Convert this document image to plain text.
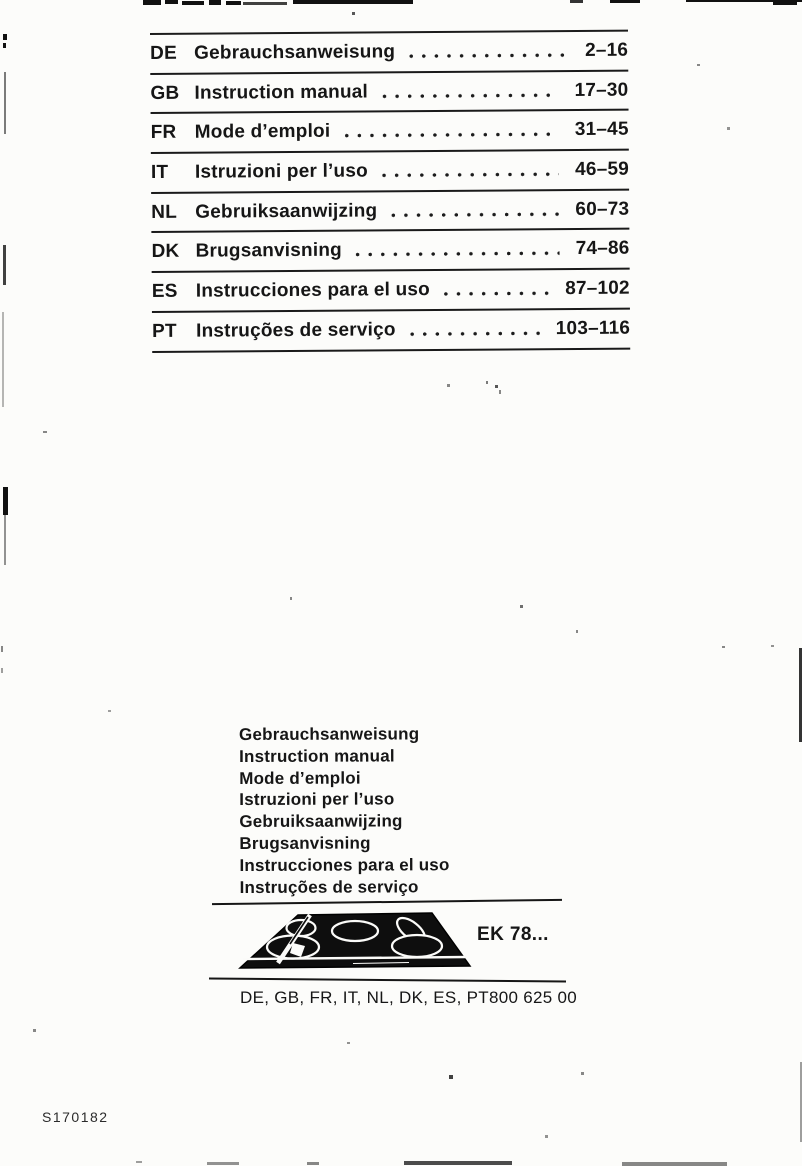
DE Gebrauchsanweisung	2–16
GB Instruction manual	17–30
FR Mode d’emploi	31–45
IT	Istruzioni per l’uso	46–59
NL Gebruiksaanwijzing	60–73
DK Brugsanvisning	74–86
ES Instrucciones para el uso	87–102
PT	Instruções de serviço	103–116
Gebrauchsanweisung
Instruction manual
Mode d’emploi
Istruzioni per l’uso
Gebruiksaanwijzing
Brugsanvisning
Instrucciones para el uso
Instruções de serviço
EK 78...
DE, GB, FR, IT, NL, DK, ES, PT 800 625 00
S170182
